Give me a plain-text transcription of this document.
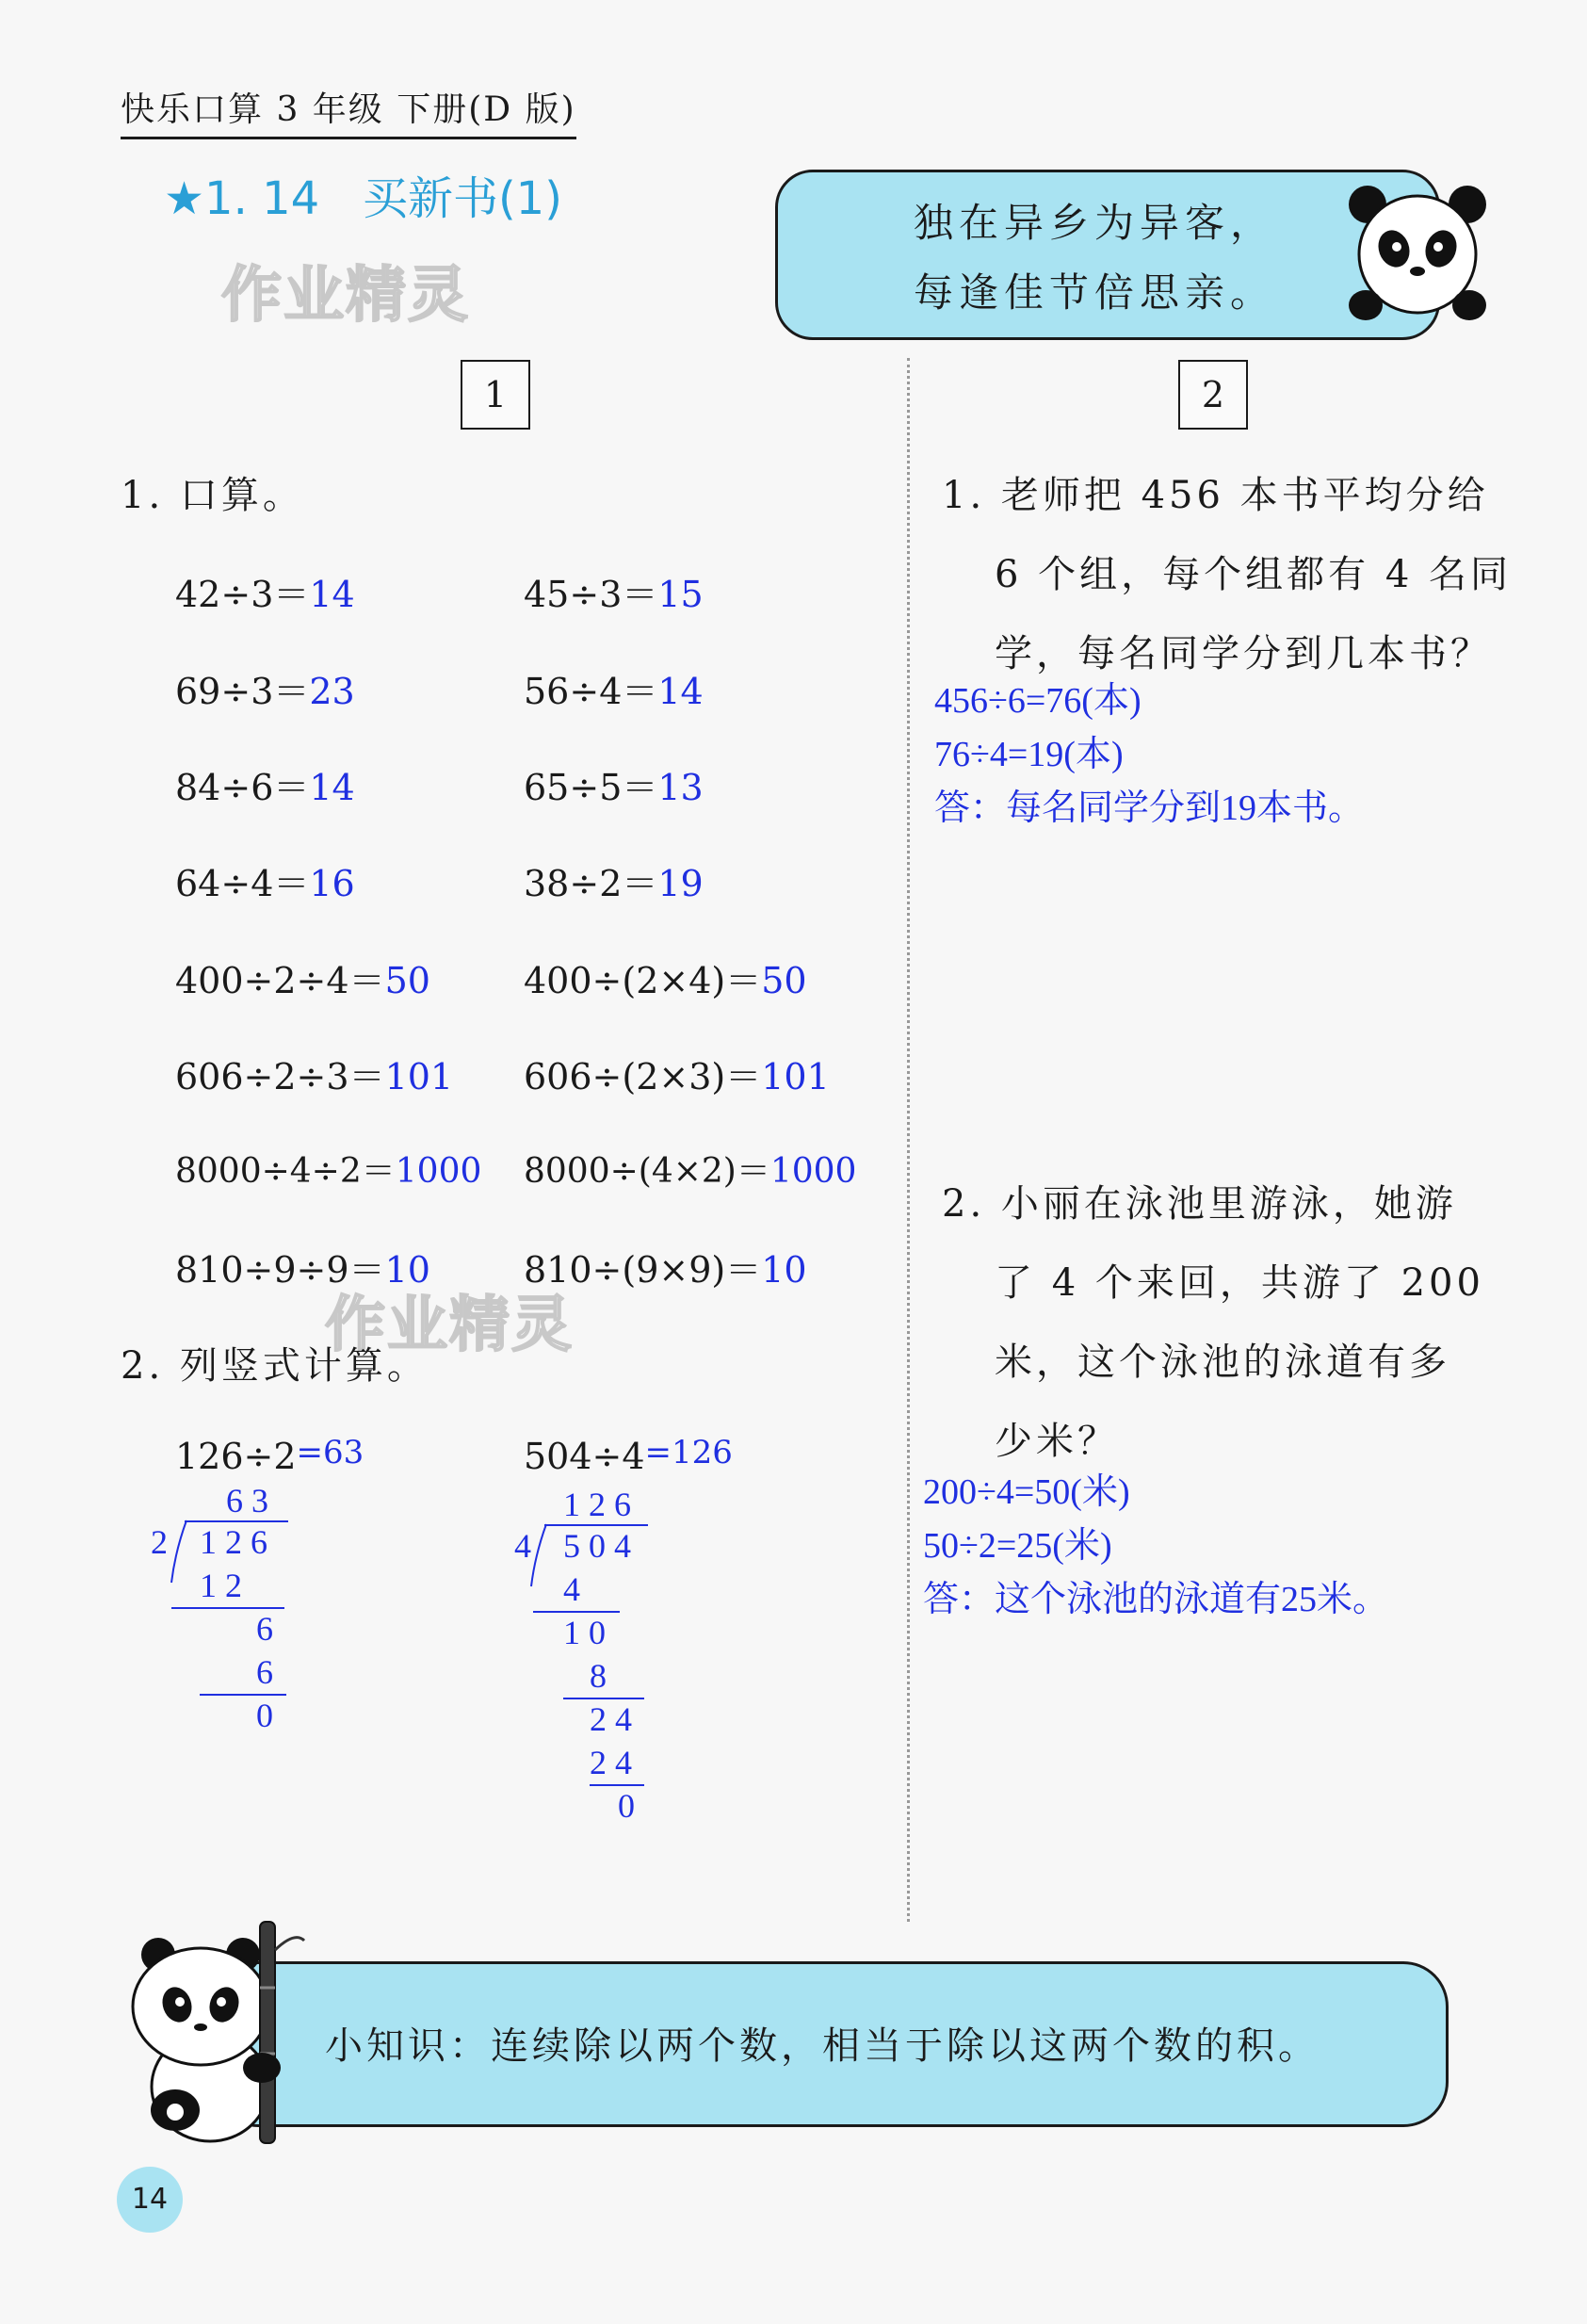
快乐口算 3 年级 下册(D 版)
★1. 14 买新书(1)
作业精灵
作业精灵
独在异乡为异客，
每逢佳节倍思亲。
1	2
1. 口算。
42÷3＝14	45÷3＝15
69÷3＝23	56÷4＝14
84÷6＝14	65÷5＝13
64÷4＝16	38÷2＝19
400÷2÷4＝50	400÷(2×4)＝50
606÷2÷3＝101 606÷(2×3)＝101
8000÷4÷2＝1000 8000÷(4×2)＝1000
810÷9÷9＝10	810÷(9×9)＝10
2. 列竖式计算。
126÷2=63	504÷4=126
6 3
2 1 2 6
1 2
6
6
0
1 2 6
4 5 0 4
4
1 0
8
2 4
2 4
0
1. 老师把 456 本书平均分给
6 个组，每个组都有 4 名同
学，每名同学分到几本书？
456÷6=76(本)
76÷4=19(本)
答：每名同学分到19本书。
2. 小丽在泳池里游泳，她游
了 4 个来回，共游了 200
米，这个泳池的泳道有多
少米？
200÷4=50(米)
50÷2=25(米)
答：这个泳池的泳道有25米。
小知识：连续除以两个数，相当于除以这两个数的积。
14
